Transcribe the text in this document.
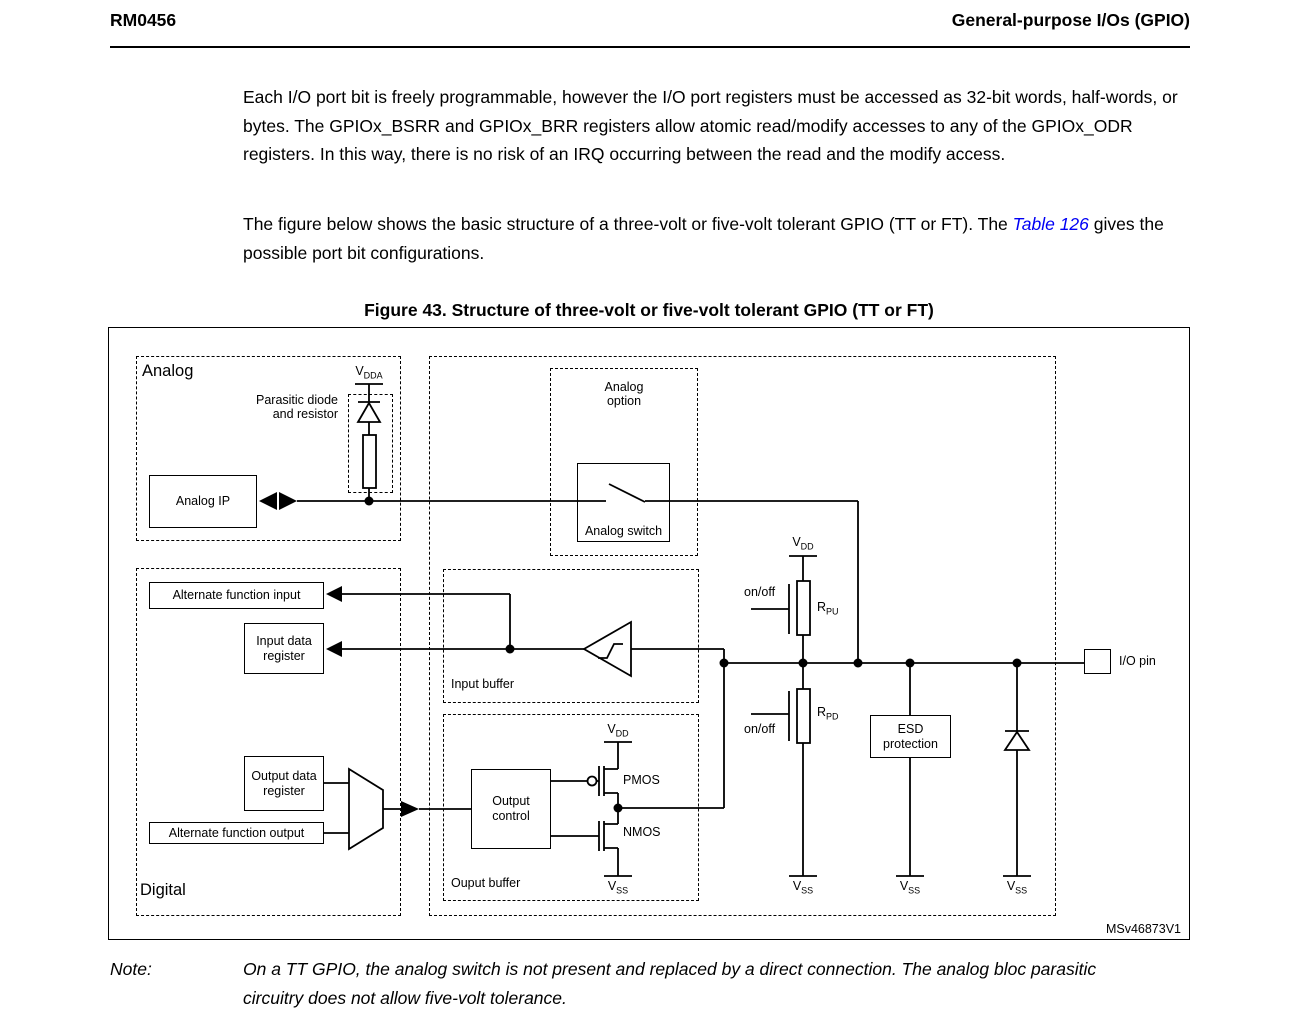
RM0456	General-purpose I/Os (GPIO)
Each I/O port bit is freely programmable, however the I/O port registers must be accessed as 32-bit words, half-words, or bytes. The GPIOx_BSRR and GPIOx_BRR registers allow atomic read/modify accesses to any of the GPIOx_ODR registers. In this way, there is no risk of an IRQ occurring between the read and the modify access.
The figure below shows the basic structure of a three-volt or five-volt tolerant GPIO (TT or FT). The Table 126 gives the possible port bit configurations.
Figure 43. Structure of three-volt or five-volt tolerant GPIO (TT or FT)
Analog IP
Analog switch
Alternate function input
Input data register
Output data register
Alternate function output
Output control
ESD protection
Analog
Digital
Parasitic diode and resistor
Analog option
Input buffer
Ouput buffer
PMOS
NMOS
on/off
on/off
I/O pin
MSv46873V1
$V_{DDA}$
$V_{DD}$
$V_{DD}$
$V_{SS}$	$V_{SS}$	$V_{SS}$	$V_{SS}$
$R_{PU}$
$R_{PD}$
Note:	On a TT GPIO, the analog switch is not present and replaced by a direct connection. The analog bloc parasitic circuitry does not allow five-volt tolerance.
